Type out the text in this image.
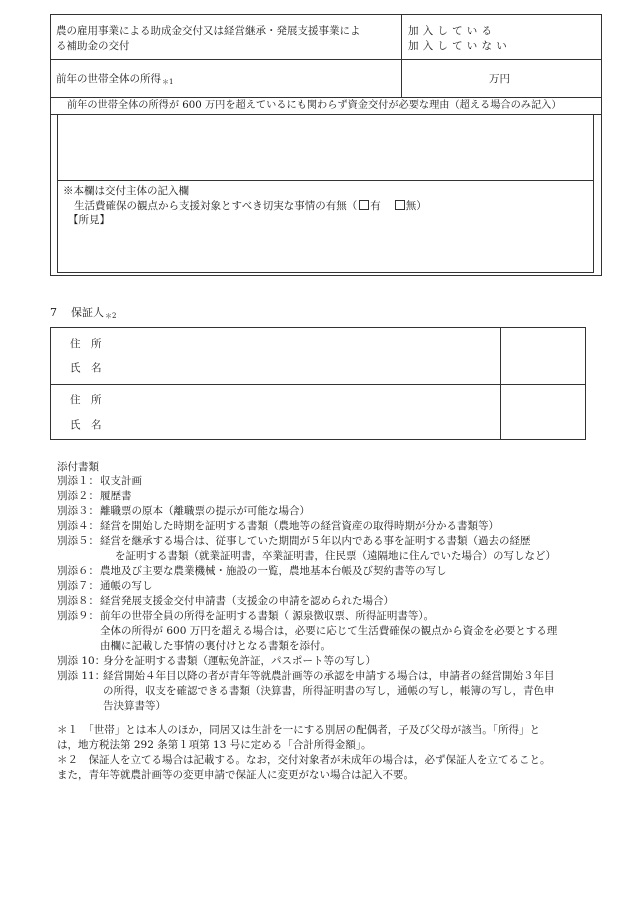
農の雇用事業による助成金交付又は経営継承・発展支援事業によ
る補助金の交付
加入している
加入していない
前年の世帯全体の所得$_{*1}$	万円
前年の世帯全体の所得が 600 万円を超えているにも関わらず資金交付が必要な理由（超える場合のみ記入）
※本欄は交付主体の記入欄
生活費確保の観点から支援対象とすべき切実な事情の有無（ 有 無）
【所見】
7 保証人$_{*2}$
住　所
氏　名
住　所
氏　名
添付書類
別添１： 収支計画
別添２： 履歴書
別添３： 離職票の原本（離職票の提示が可能な場合）
別添４： 経営を開始した時期を証明する書類（農地等の経営資産の取得時期が分かる書類等）
別添５： 経営を継承する場合は、従事していた期間が５年以内である事を証明する書類（過去の経歴
を証明する書類（就業証明書，卒業証明書，住民票（遠隔地に住んでいた場合）の写しなど）
別添６： 農地及び主要な農業機械・施設の一覧，農地基本台帳及び契約書等の写し
別添７： 通帳の写し
別添８： 経営発展支援金交付申請書（支援金の申請を認められた場合）
別添９： 前年の世帯全員の所得を証明する書類（ 源泉徴収票、所得証明書等）。
全体の所得が 600 万円を超える場合は，必要に応じて生活費確保の観点から資金を必要とする理
由欄に記載した事情の裏付けとなる書類を添付。
別添 10：
身分を証明する書類（運転免許証，パスポート等の写し）
別添 11：
経営開始４年目以降の者が青年等就農計画等の承認を申請する場合は，申請者の経営開始３年目
の所得，収支を確認できる書類（決算書，所得証明書の写し，通帳の写し，帳簿の写し，青色申
告決算書等）
＊１　「世帯」とは本人のほか，同居又は生計を一にする別居の配偶者，子及び父母が該当。「所得」と
は，地方税法第 292 条第１項第 13 号に定める「合計所得金額」。
＊２　保証人を立てる場合は記載する。なお，交付対象者が未成年の場合は，必ず保証人を立てること。
また，青年等就農計画等の変更申請で保証人に変更がない場合は記入不要。
